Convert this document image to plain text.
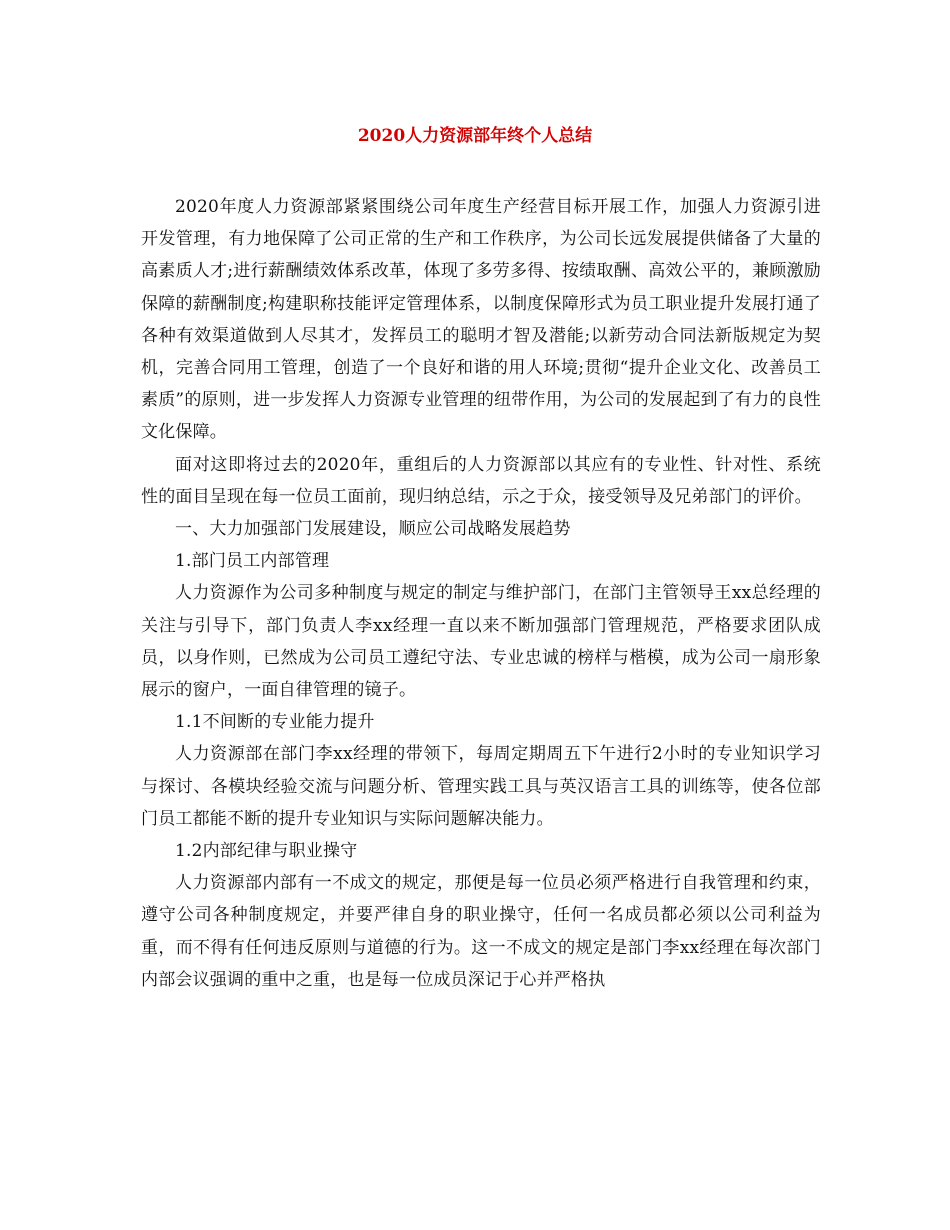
2020人力资源部年终个人总结

2020年度人力资源部紧紧围绕公司年度生产经营目标开展工作，加强人力资源引进开发管理，有力地保障了公司正常的生产和工作秩序，为公司长远发展提供储备了大量的高素质人才;进行薪酬绩效体系改革，体现了多劳多得、按绩取酬、高效公平的，兼顾激励保障的薪酬制度;构建职称技能评定管理体系，以制度保障形式为员工职业提升发展打通了各种有效渠道做到人尽其才，发挥员工的聪明才智及潜能;以新劳动合同法新版规定为契机，完善合同用工管理，创造了一个良好和谐的用人环境;贯彻“提升企业文化、改善员工素质”的原则，进一步发挥人力资源专业管理的纽带作用，为公司的发展起到了有力的良性文化保障。

面对这即将过去的2020年，重组后的人力资源部以其应有的专业性、针对性、系统性的面目呈现在每一位员工面前，现归纳总结，示之于众，接受领导及兄弟部门的评价。

一、大力加强部门发展建设，顺应公司战略发展趋势

1.部门员工内部管理

人力资源作为公司多种制度与规定的制定与维护部门，在部门主管领导王xx总经理的关注与引导下，部门负责人李xx经理一直以来不断加强部门管理规范，严格要求团队成员，以身作则，已然成为公司员工遵纪守法、专业忠诚的榜样与楷模，成为公司一扇形象展示的窗户，一面自律管理的镜子。

1.1不间断的专业能力提升

人力资源部在部门李xx经理的带领下，每周定期周五下午进行2小时的专业知识学习与探讨、各模块经验交流与问题分析、管理实践工具与英汉语言工具的训练等，使各位部门员工都能不断的提升专业知识与实际问题解决能力。

1.2内部纪律与职业操守

人力资源部内部有一不成文的规定，那便是每一位员必须严格进行自我管理和约束，遵守公司各种制度规定，并要严律自身的职业操守，任何一名成员都必须以公司利益为重，而不得有任何违反原则与道德的行为。这一不成文的规定是部门李xx经理在每次部门内部会议强调的重中之重，也是每一位成员深记于心并严格执
